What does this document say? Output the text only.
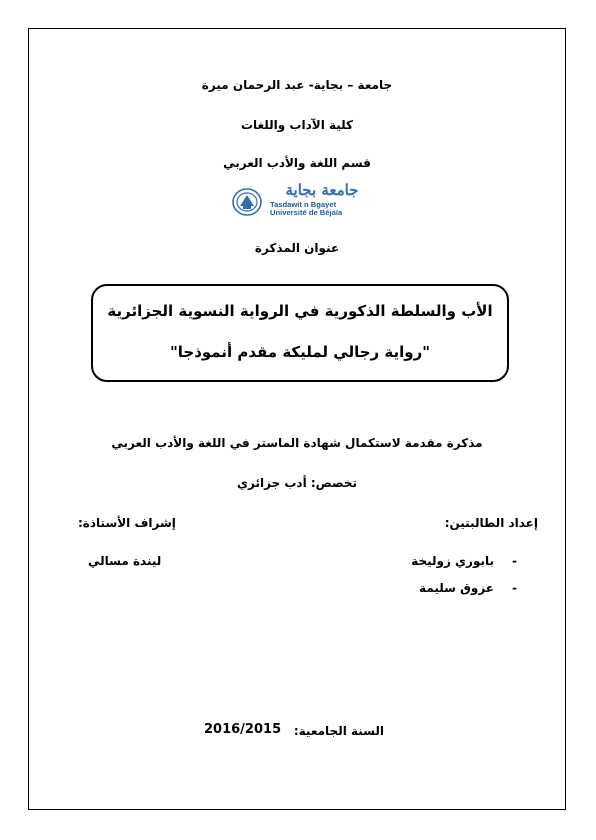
جامعة – بجاية- عبد الرحمان ميرة
كلية الآداب واللغات
قسم اللغة والأدب العربي
جامعة بجاية
Tasdawit n Bgayet
Université de Béjaïa
عنوان المذكرة
الأب والسلطة الذكورية في الرواية النسوية الجزائرية
"رواية رجالي لمليكة مقدم أنموذجا"
مذكرة مقدمة لاستكمال شهادة الماستر في اللغة والأدب العربي
تخصص: أدب جزائري
إعداد الطالبتين:
إشراف الأستاذة:
-
بابوري زوليخة
-
عزوق سليمة
ليندة مسالي
السنة الجامعية:
2016/2015
